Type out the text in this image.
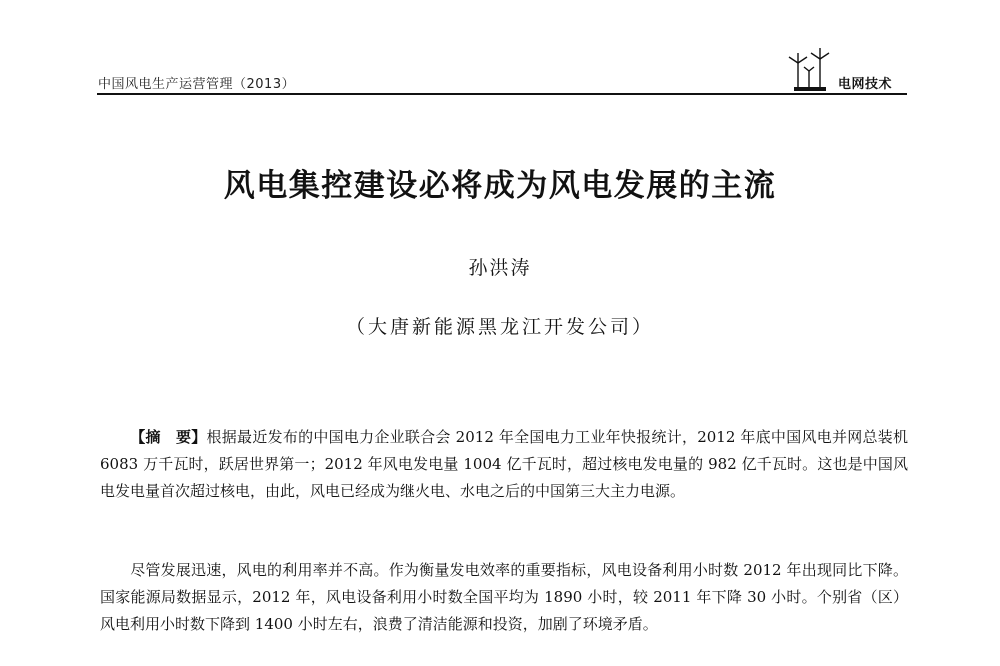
中国风电生产运营管理（2013）	电网技术
风电集控建设必将成为风电发展的主流
孙洪涛
（大唐新能源黑龙江开发公司）

【摘　要】根据最近发布的中国电力企业联合会 2012 年全国电力工业年快报统计，2012 年底中国风电并网总装机 6083 万千瓦时，跃居世界第一；2012 年风电发电量 1004 亿千瓦时，超过核电发电量的 982 亿千瓦时。这也是中国风电发电量首次超过核电，由此，风电已经成为继火电、水电之后的中国第三大主力电源。

尽管发展迅速，风电的利用率并不高。作为衡量发电效率的重要指标，风电设备利用小时数 2012 年出现同比下降。国家能源局数据显示，2012 年，风电设备利用小时数全国平均为 1890 小时，较 2011 年下降 30 小时。个别省（区）风电利用小时数下降到 1400 小时左右，浪费了清洁能源和投资，加剧了环境矛盾。
